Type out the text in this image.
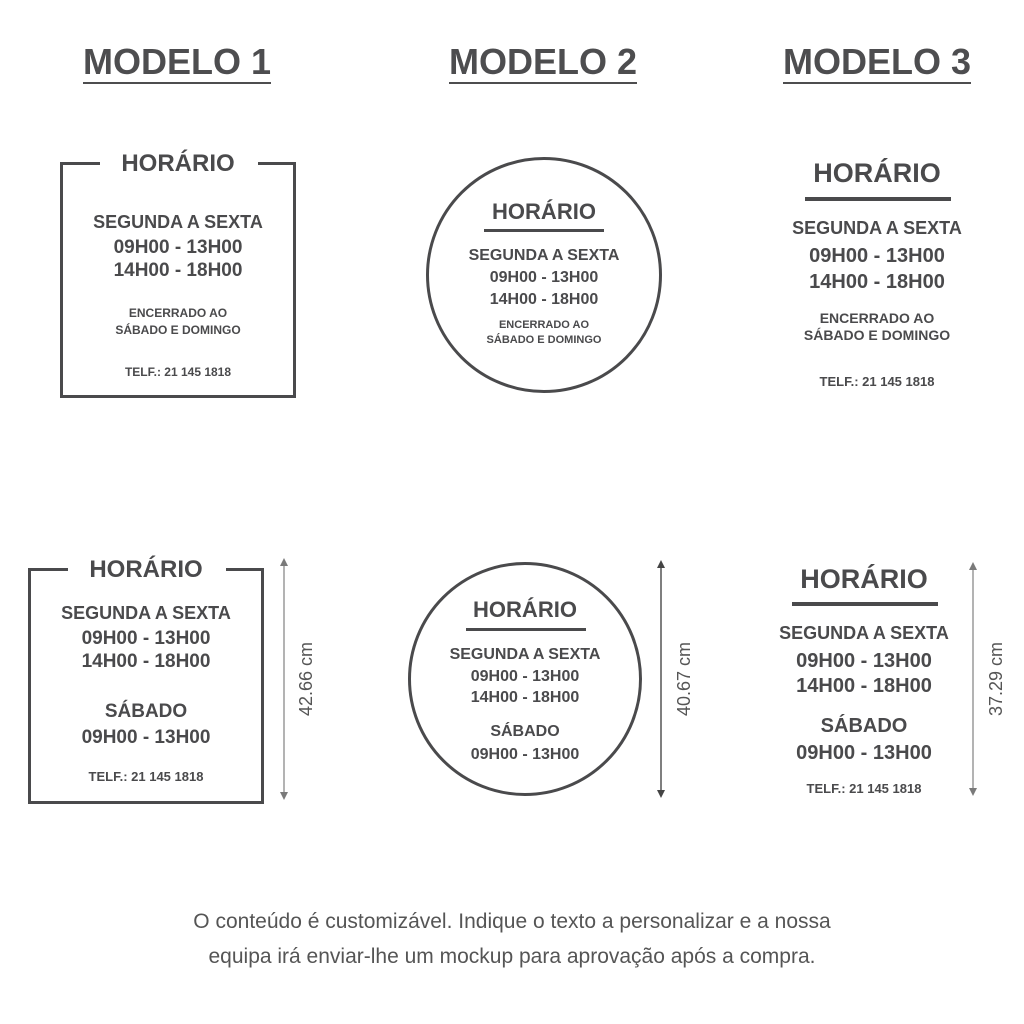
MODELO 1	MODELO 2	MODELO 3
HORÁRIO
SEGUNDA A SEXTA
09H00 - 13H00
14H00 - 18H00
ENCERRADO AO
SÁBADO E DOMINGO
TELF.: 21 145 1818
HORÁRIO
SEGUNDA A SEXTA
09H00 - 13H00
14H00 - 18H00
ENCERRADO AO
SÁBADO E DOMINGO
HORÁRIO
SEGUNDA A SEXTA
09H00 - 13H00
14H00 - 18H00
ENCERRADO AO
SÁBADO E DOMINGO
TELF.: 21 145 1818
HORÁRIO
SEGUNDA A SEXTA
09H00 - 13H00
14H00 - 18H00
SÁBADO
09H00 - 13H00
TELF.: 21 145 1818
42.66 cm
HORÁRIO
SEGUNDA A SEXTA
09H00 - 13H00
14H00 - 18H00
SÁBADO
09H00 - 13H00
40.67 cm
HORÁRIO
SEGUNDA A SEXTA
09H00 - 13H00
14H00 - 18H00
SÁBADO
09H00 - 13H00
TELF.: 21 145 1818
37.29 cm
O conteúdo é customizável. Indique o texto a personalizar e a nossa
equipa irá enviar-lhe um mockup para aprovação após a compra.
